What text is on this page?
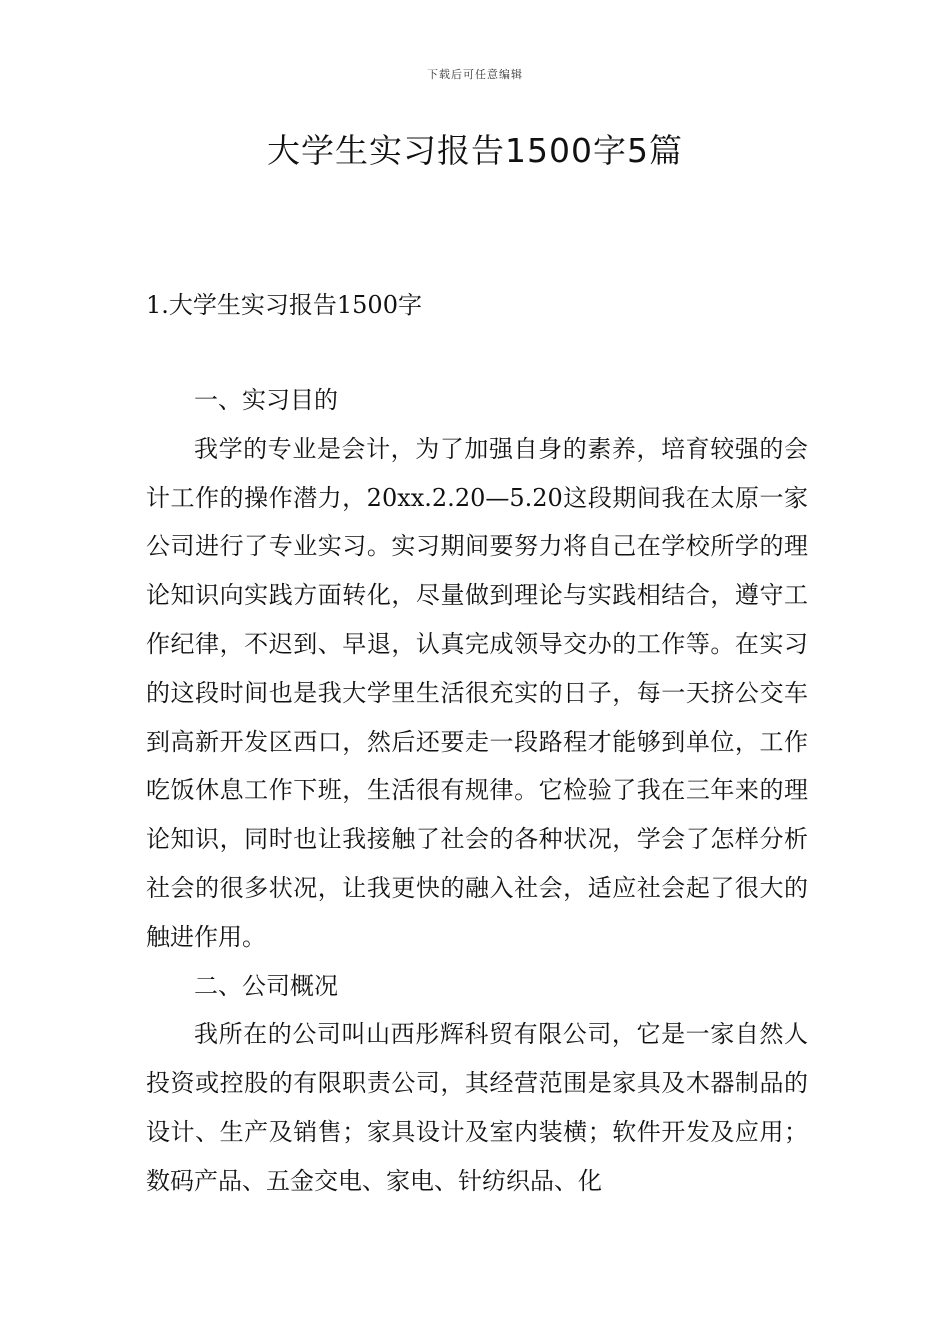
下载后可任意编辑
大学生实习报告1500字5篇
1.大学生实习报告1500字

一、实习目的

我学的专业是会计，为了加强自身的素养，培育较强的会计工作的操作潜力，20xx.2.20—5.20这段期间我在太原一家公司进行了专业实习。实习期间要努力将自己在学校所学的理论知识向实践方面转化，尽量做到理论与实践相结合，遵守工作纪律，不迟到、早退，认真完成领导交办的工作等。在实习的这段时间也是我大学里生活很充实的日子，每一天挤公交车到高新开发区西口，然后还要走一段路程才能够到单位，工作吃饭休息工作下班，生活很有规律。它检验了我在三年来的理论知识，同时也让我接触了社会的各种状况，学会了怎样分析社会的很多状况，让我更快的融入社会，适应社会起了很大的触进作用。

二、公司概况

我所在的公司叫山西彤辉科贸有限公司，它是一家自然人投资或控股的有限职责公司，其经营范围是家具及木器制品的设计、生产及销售；家具设计及室内装横；软件开发及应用；数码产品、五金交电、家电、针纺织品、化
